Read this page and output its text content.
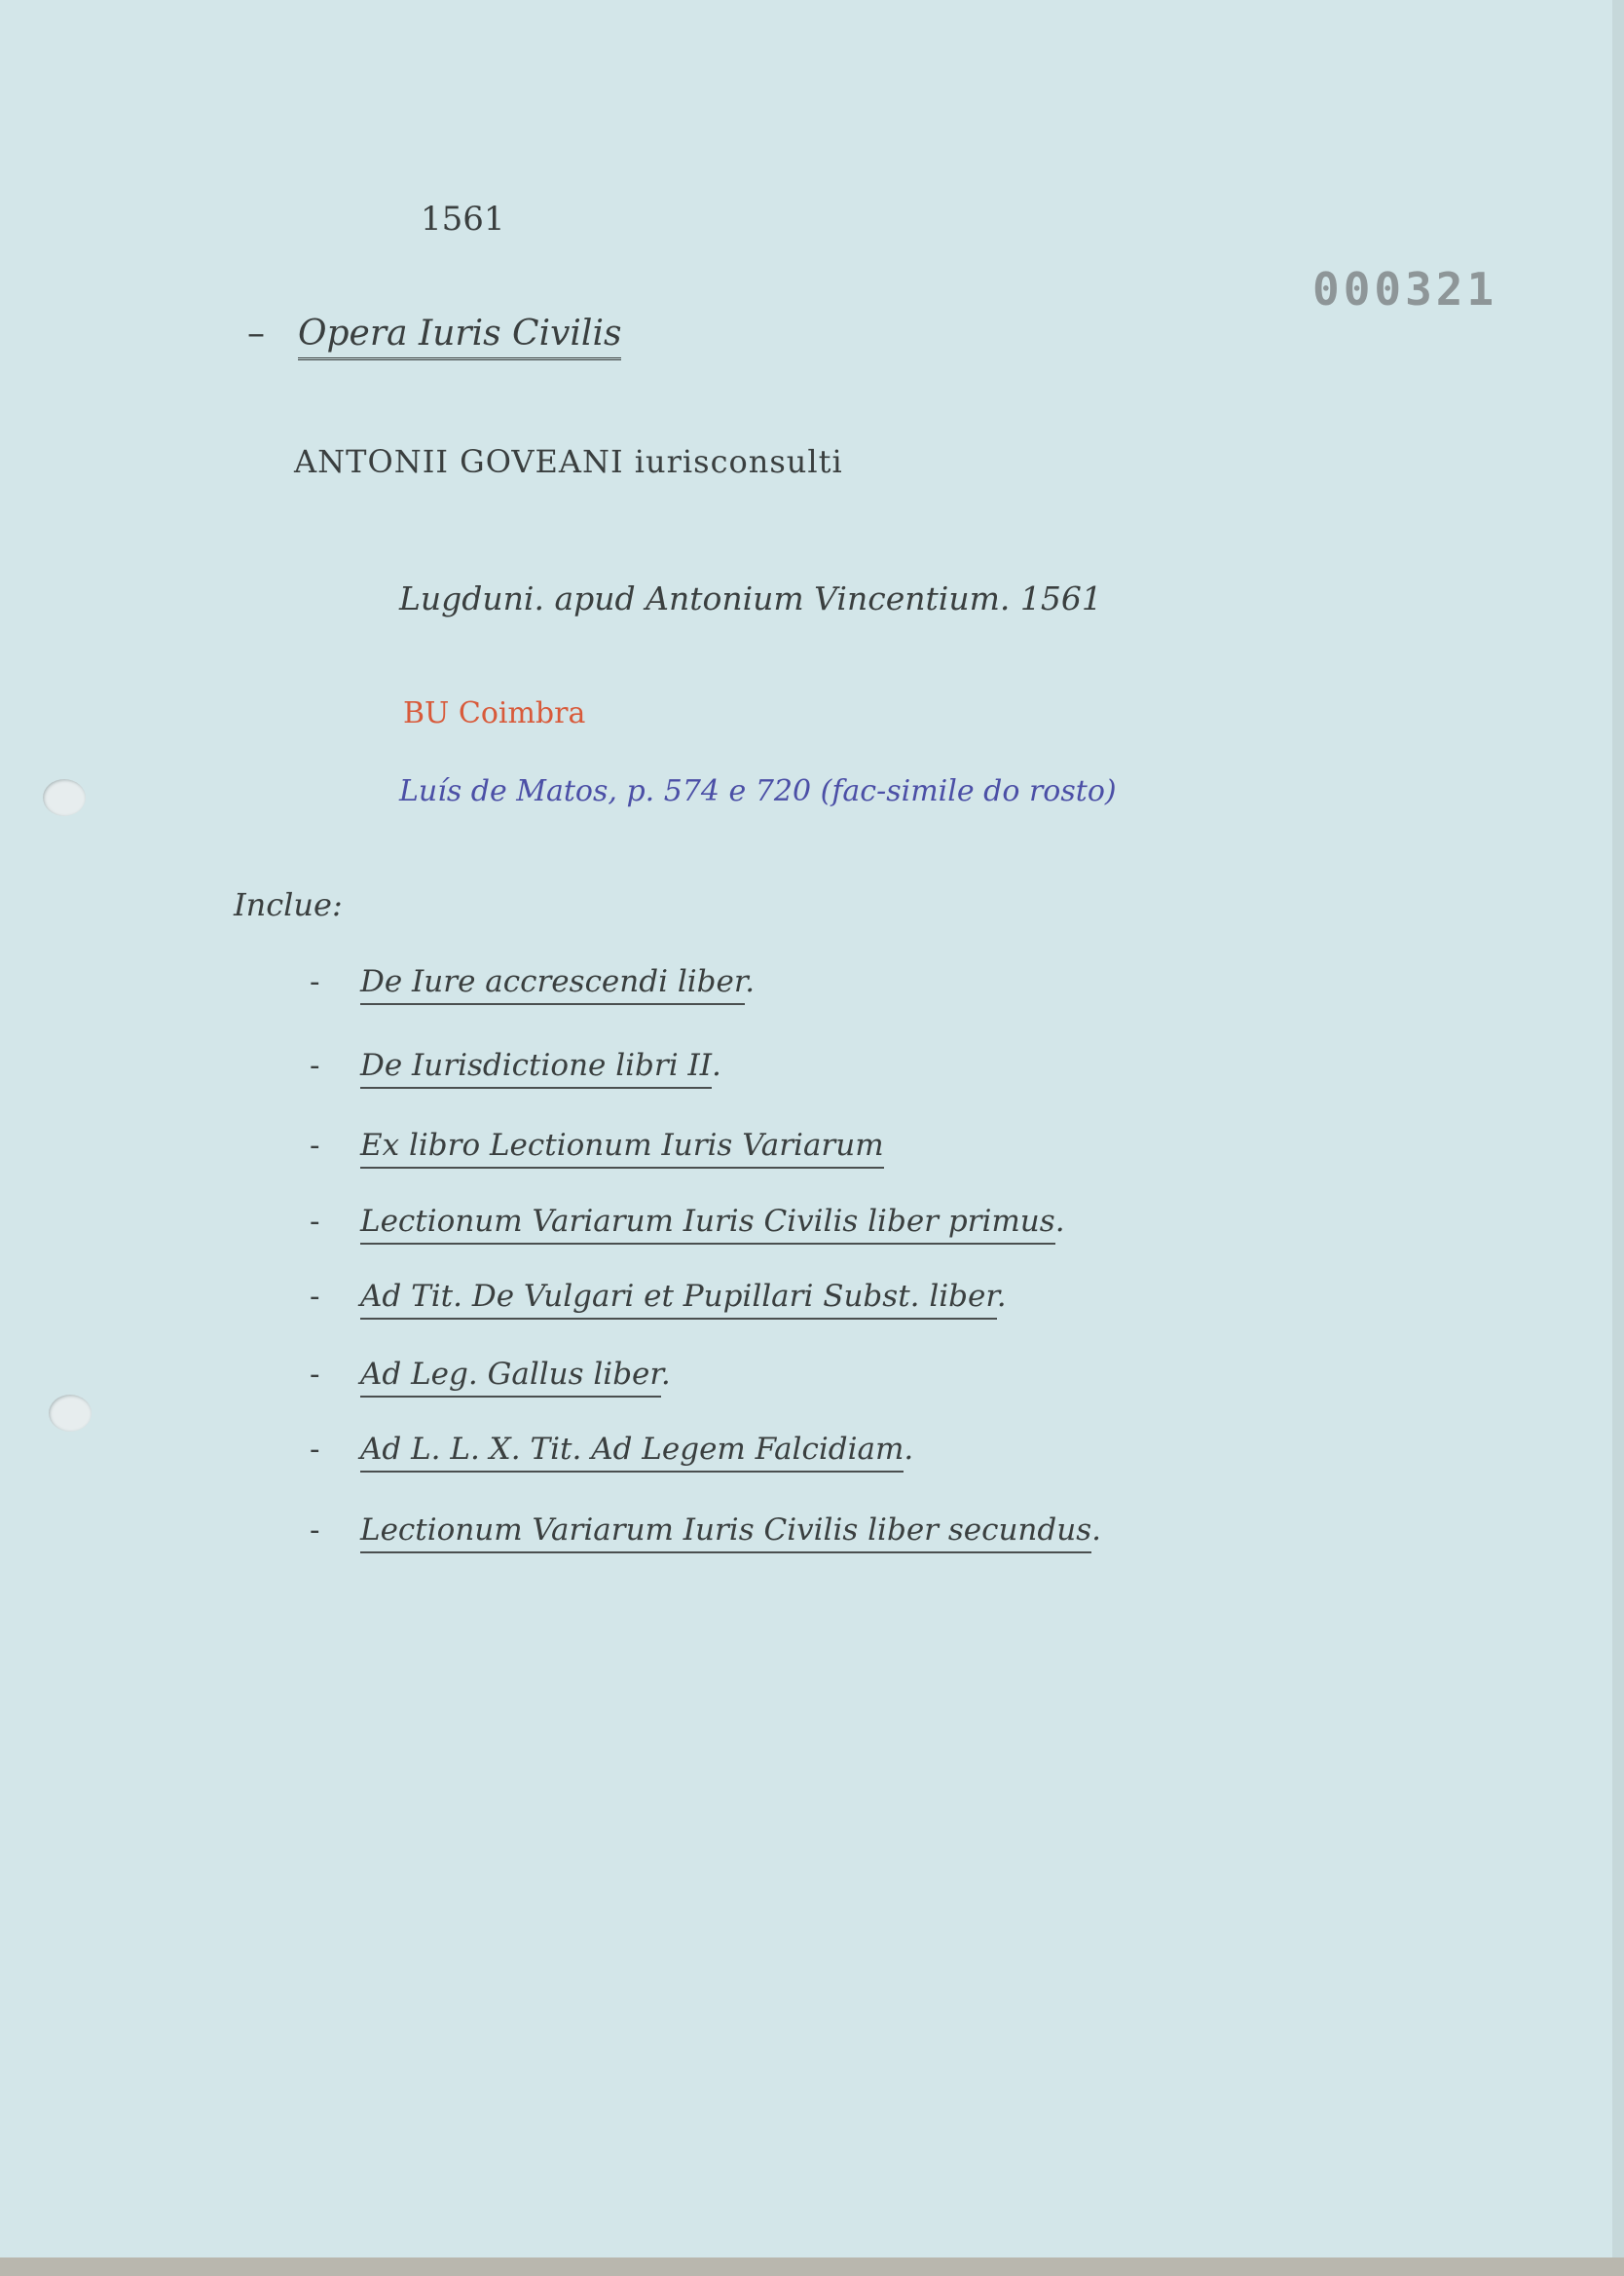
1561
000321
– Opera Iuris Civilis
ANTONII GOVEANI iurisconsulti
Lugduni. apud Antonium Vincentium. 1561
BU Coimbra
Luís de Matos, p. 574 e 720 (fac-simile do rosto)
Inclue:
- De Iure accrescendi liber.
- De Iurisdictione libri II.
- Ex libro Lectionum Iuris Variarum
- Lectionum Variarum Iuris Civilis liber primus.
- Ad Tit. De Vulgari et Pupillari Subst. liber.
- Ad Leg. Gallus liber.
- Ad L. L. X. Tit. Ad Legem Falcidiam.
- Lectionum Variarum Iuris Civilis liber secundus.
